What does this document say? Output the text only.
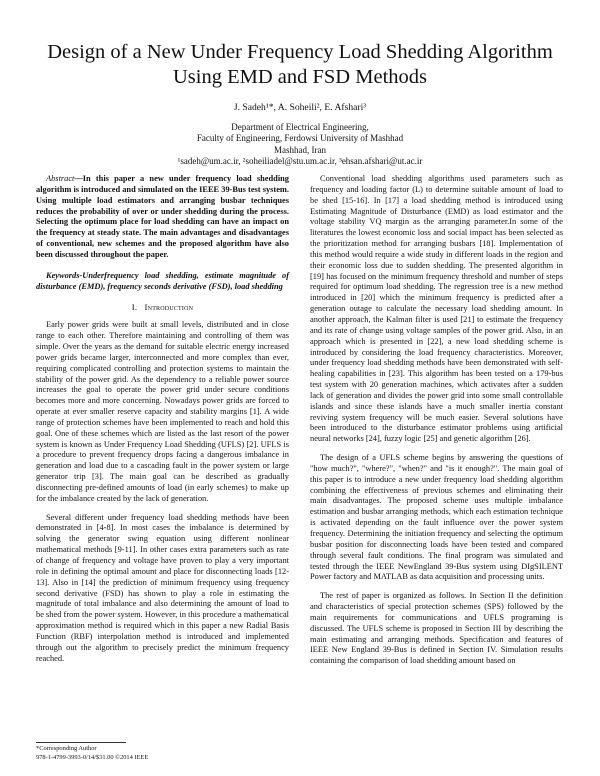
Design of a New Under Frequency Load Shedding Algorithm Using EMD and FSD Methods
J. Sadeh¹*, A. Soheili², E. Afshari³
Department of Electrical Engineering,
Faculty of Engineering, Ferdowsi University of Mashhad
Mashhad, Iran
¹sadeh@um.ac.ir, ²soheiliadel@stu.um.ac.ir, ³ehsan.afshari@ut.ac.ir

Abstract—In this paper a new under frequency load shedding algorithm is introduced and simulated on the IEEE 39-Bus test system. Using multiple load estimators and arranging busbar techniques reduces the probability of over or under shedding during the process. Selecting the optimum place for load shedding can have an impact on the frequency at steady state. The main advantages and disadvantages of conventional, new schemes and the proposed algorithm have also been discussed throughout the paper.

Keywords-Underfrequency load shedding, estimate magnitude of disturbance (EMD), frequency seconds derivative (FSD), load shedding

I. Introduction

Early power grids were built at small levels, distributed and in close range to each other. Therefore maintaining and controlling of them was simple. Over the years as the demand for suitable electric energy increased power grids became larger, interconnected and more complex than ever, requiring complicated controlling and protection systems to maintain the stability of the power grid. As the dependency to a reliable power source increases the goal to operate the power grid under secure conditions becomes more and more concerning. Nowadays power grids are forced to operate at ever smaller reserve capacity and stability margins [1]. A wide range of protection schemes have been implemented to reach and hold this goal. One of these schemes which are listed as the last resort of the power system is known as Under Frequency Load Shedding (UFLS) [2]. UFLS is a procedure to prevent frequency drops facing a dangerous imbalance in generation and load due to a cascading fault in the power system or large generator trip [3]. The main goal can be described as gradually disconnecting pre-defined amounts of load (in early schemes) to make up for the imbalance created by the lack of generation.

Several different under frequency load shedding methods have been demonstrated in [4-8]. In most cases the imbalance is determined by solving the generator swing equation using different nonlinear mathematical methods [9-11]. In other cases extra parameters such as rate of change of frequency and voltage have proven to play a very important role in defining the optimal amount and place for disconnecting loads [12-13]. Also in [14] the prediction of minimum frequency using frequency second derivative (FSD) has shown to play a role in estimating the magnitude of total imbalance and also determining the amount of load to be shed from the power system. However, in this procedure a mathematical approximation method is required which in this paper a new Radial Basis Function (RBF) interpolation method is introduced and implemented through out the algorithm to precisely predict the minimum frequency reached.

Conventional load shedding algorithms used parameters such as frequency and loading factor (L) to determine suitable amount of load to be shed [15-16]. In [17] a load shedding method is introduced using Estimating Magnitude of Disturbance (EMD) as load estimator and the voltage stability VQ margin as the arranging parameter.In some of the literatures the lowest economic loss and social impact has been selected as the prioritization method for arranging busbars [18]. Implementation of this method would require a wide study in different loads in the region and their economic loss due to sudden shedding. The presented algorithm in [19] has focused on the minimum frequency threshold and number of steps required for optimum load shedding. The regression tree is a new method introduced in [20] which the minimum frequency is predicted after a generation outage to calculate the necessary load shedding amount. In another approach, the Kalman filter is used [21] to estimate the frequency and its rate of change using voltage samples of the power grid. Also, in an approach which is presented in [22], a new load shedding scheme is introduced by considering the load frequency characteristics. Moreover, under frequency load shedding methods have been demonstrated with self-healing capabilities in [23]. This algorithm has been tested on a 179-bus test system with 20 generation machines, which activates after a sudden lack of generation and divides the power grid into some small controllable islands and since these islands have a much smaller inertia constant reviving system frequency will be much easier. Several solutions have been introduced to the disturbance estimator problems using artificial neural networks [24], fuzzy logic [25] and genetic algorithm [26].

The design of a UFLS scheme begins by answering the questions of "how much?", "where?", "when?" and "is it enough?". The main goal of this paper is to introduce a new under frequency load shedding algorithm combining the effectiveness of previous schemes and eliminating their main disadvantages. The proposed scheme uses multiple imbalance estimation and busbar arranging methods, which each estimation technique is activated depending on the fault influence over the power system frequency. Determining the initiation frequency and selecting the optimum busbar position for disconnecting loads have been tested and compared through several fault conditions. The final program was simulated and tested through the IEEE NewEngland 39-Bus system using DIgSILENT Power factory and MATLAB as data acquisition and processing units.

The rest of paper is organized as follows. In Section II the definition and characteristics of special protection schemes (SPS) followed by the main requirements for communications and UFLS programing is discussed. The UFLS scheme is proposed in Section III by describing the main estimating and arranging methods. Specification and features of IEEE New England 39-Bus is defined in Section IV. Simulation results containing the comparison of load shedding amount based on

*Corresponding Author
978-1-4799-3993-0/14/$31.00 ©2014 IEEE
